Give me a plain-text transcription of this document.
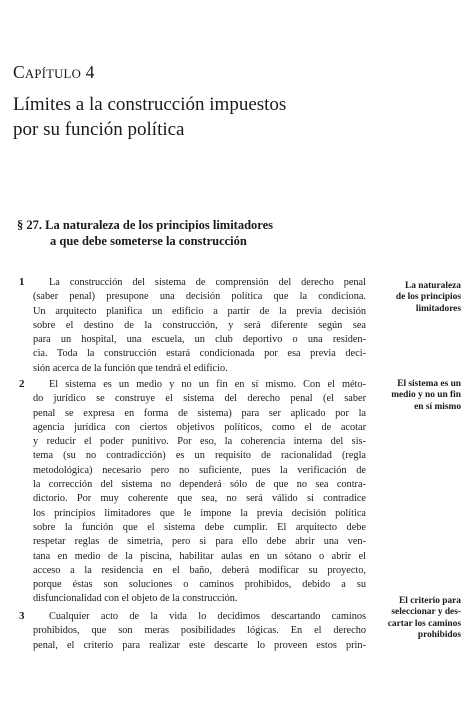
CAPÍTULO 4
Límites a la construcción impuestos
por su función política
§ 27. La naturaleza de los principios limitadores
a que debe someterse la construcción
1	La construcción del sistema de comprensión del derecho penal
(saber penal) presupone una decisión política que la condiciona.
Un arquitecto planifica un edificio a partir de la previa decisión
sobre el destino de la construcción, y será diferente según sea
para un hospital, una escuela, un club deportivo o una residen-
cia. Toda la construcción estará condicionada por esa previa deci-
sión acerca de la función que tendrá el edificio.
2	El sistema es un medio y no un fin en sí mismo. Con el méto-
do jurídico se construye el sistema del derecho penal (el saber
penal se expresa en forma de sistema) para ser aplicado por la
agencia jurídica con ciertos objetivos políticos, como el de acotar
y reducir el poder punitivo. Por eso, la coherencia interna del sis-
tema (su no contradicción) es un requisito de racionalidad (regla
metodológica) necesario pero no suficiente, pues la verificación de
la corrección del sistema no dependerá sólo de que no sea contra-
dictorio. Por muy coherente que sea, no será válido si contradice
los principios limitadores que le impone la previa decisión política
sobre la función que el sistema debe cumplir. El arquitecto debe
respetar reglas de simetría, pero si para ello debe abrir una ven-
tana en medio de la piscina, habilitar aulas en un sótano o abrir el
acceso a la residencia en el baño, deberá modificar su proyecto,
porque éstas son soluciones o caminos prohibidos, debido a su
disfuncionalidad con el objeto de la construcción.
3	Cualquier acto de la vida lo decidimos descartando caminos
prohibidos, que son meras posibilidades lógicas. En el derecho
penal, el criterio para realizar este descarte lo proveen estos prin-
La naturaleza
de los principios
limitadores
El sistema es un
medio y no un fin
en sí mismo
El criterio para
seleccionar y des-
cartar los caminos
prohibidos
